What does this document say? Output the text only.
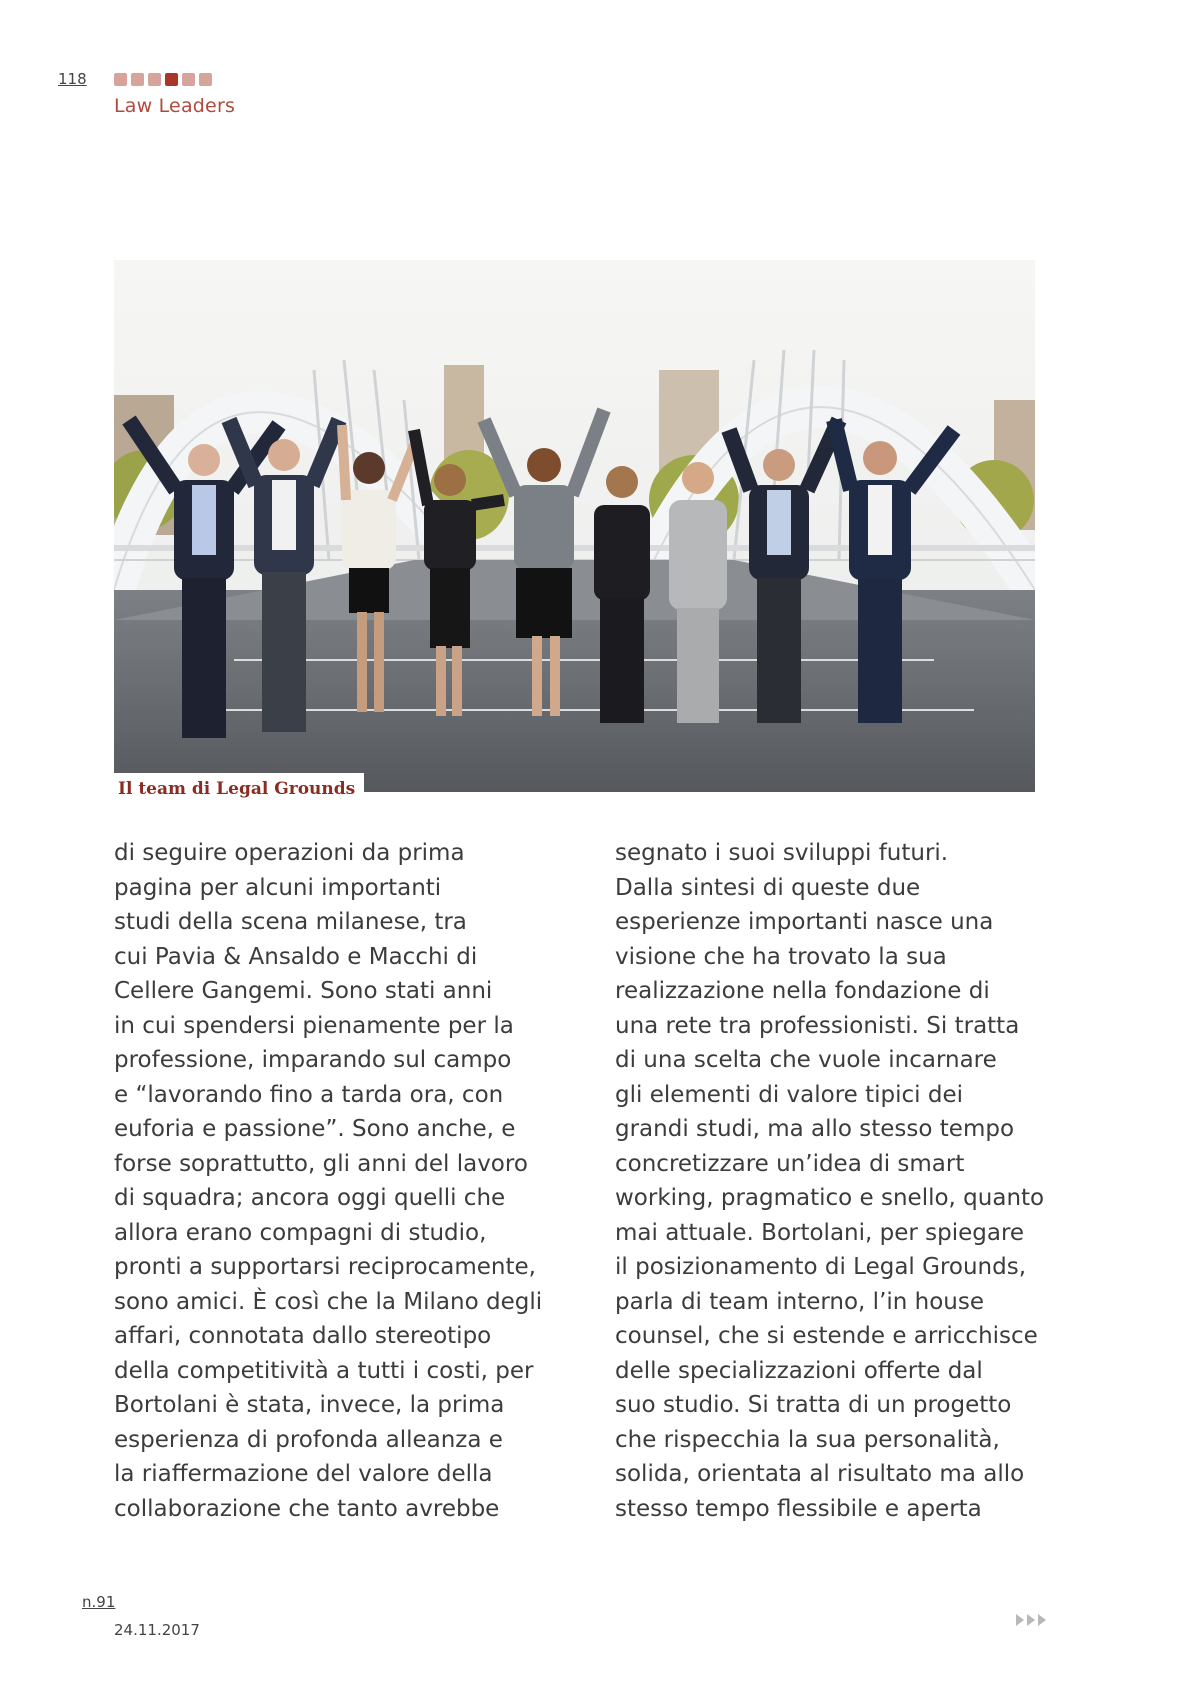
118
Law Leaders
Il team di Legal Grounds
di seguire operazioni da prima
pagina per alcuni importanti
studi della scena milanese, tra
cui Pavia & Ansaldo e Macchi di
Cellere Gangemi. Sono stati anni
in cui spendersi pienamente per la
professione, imparando sul campo
e “lavorando fino a tarda ora, con
euforia e passione”. Sono anche, e
forse soprattutto, gli anni del lavoro
di squadra; ancora oggi quelli che
allora erano compagni di studio,
pronti a supportarsi reciprocamente,
sono amici. È così che la Milano degli
affari, connotata dallo stereotipo
della competitività a tutti i costi, per
Bortolani è stata, invece, la prima
esperienza di profonda alleanza e
la riaffermazione del valore della
collaborazione che tanto avrebbe
segnato i suoi sviluppi futuri.
Dalla sintesi di queste due
esperienze importanti nasce una
visione che ha trovato la sua
realizzazione nella fondazione di
una rete tra professionisti. Si tratta
di una scelta che vuole incarnare
gli elementi di valore tipici dei
grandi studi, ma allo stesso tempo
concretizzare un’idea di smart
working, pragmatico e snello, quanto
mai attuale. Bortolani, per spiegare
il posizionamento di Legal Grounds,
parla di team interno, l’in house
counsel, che si estende e arricchisce
delle specializzazioni offerte dal
suo studio. Si tratta di un progetto
che rispecchia la sua personalità,
solida, orientata al risultato ma allo
stesso tempo flessibile e aperta
n.91
24.11.2017
